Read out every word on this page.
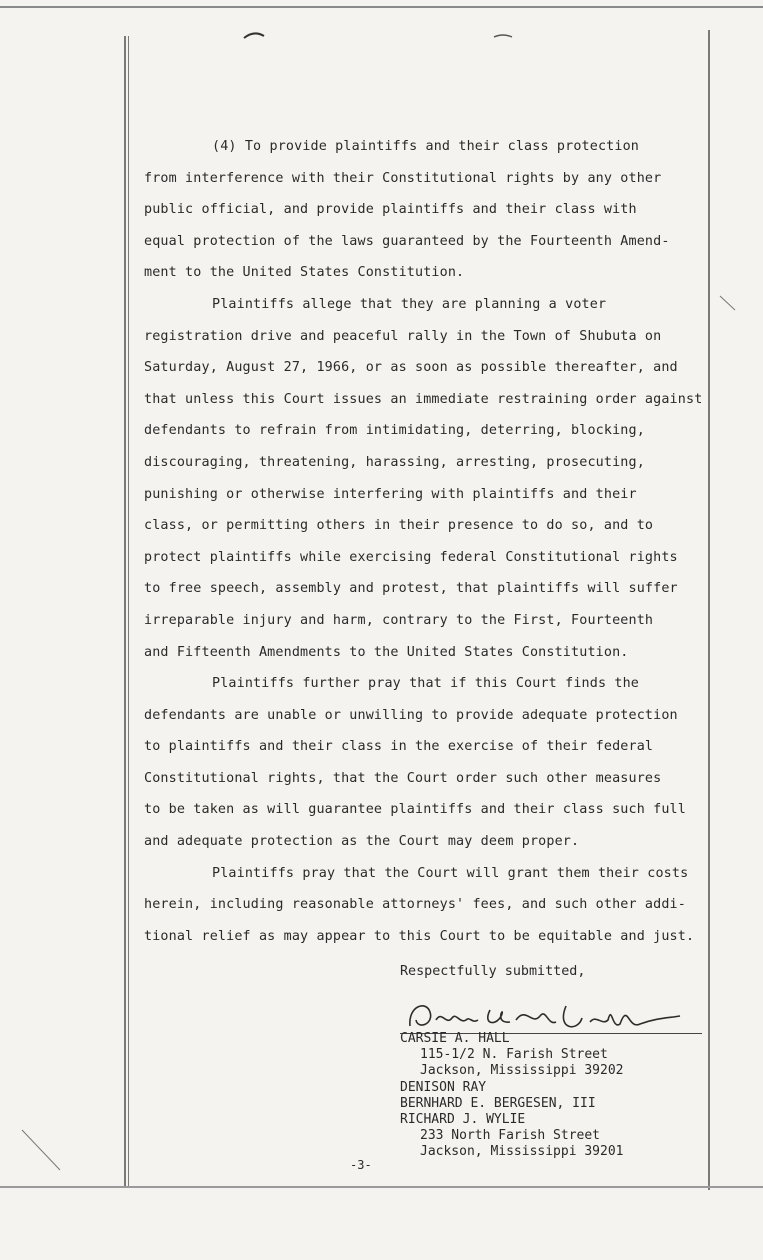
(4) To provide plaintiffs and their class protection
from interference with their Constitutional rights by any other
public official, and provide plaintiffs and their class with
equal protection of the laws guaranteed by the Fourteenth Amend-
ment to the United States Constitution.
Plaintiffs allege that they are planning a voter
registration drive and peaceful rally in the Town of Shubuta on
Saturday, August 27, 1966, or as soon as possible thereafter, and
that unless this Court issues an immediate restraining order against
defendants to refrain from intimidating, deterring, blocking,
discouraging, threatening, harassing, arresting, prosecuting,
punishing or otherwise interfering with plaintiffs and their
class, or permitting others in their presence to do so, and to
protect plaintiffs while exercising federal Constitutional rights
to free speech, assembly and protest, that plaintiffs will suffer
irreparable injury and harm, contrary to the First, Fourteenth
and Fifteenth Amendments to the United States Constitution.
Plaintiffs further pray that if this Court finds the
defendants are unable or unwilling to provide adequate protection
to plaintiffs and their class in the exercise of their federal
Constitutional rights, that the Court order such other measures
to be taken as will guarantee plaintiffs and their class such full
and adequate protection as the Court may deem proper.
Plaintiffs pray that the Court will grant them their costs
herein, including reasonable attorneys' fees, and such other addi-
tional relief as may appear to this Court to be equitable and just.
Respectfully submitted,
CARSIE A. HALL
115-1/2 N. Farish Street
Jackson, Mississippi 39202
DENISON RAY
BERNHARD E. BERGESEN, III
RICHARD J. WYLIE
233 North Farish Street
Jackson, Mississippi 39201
-3-
